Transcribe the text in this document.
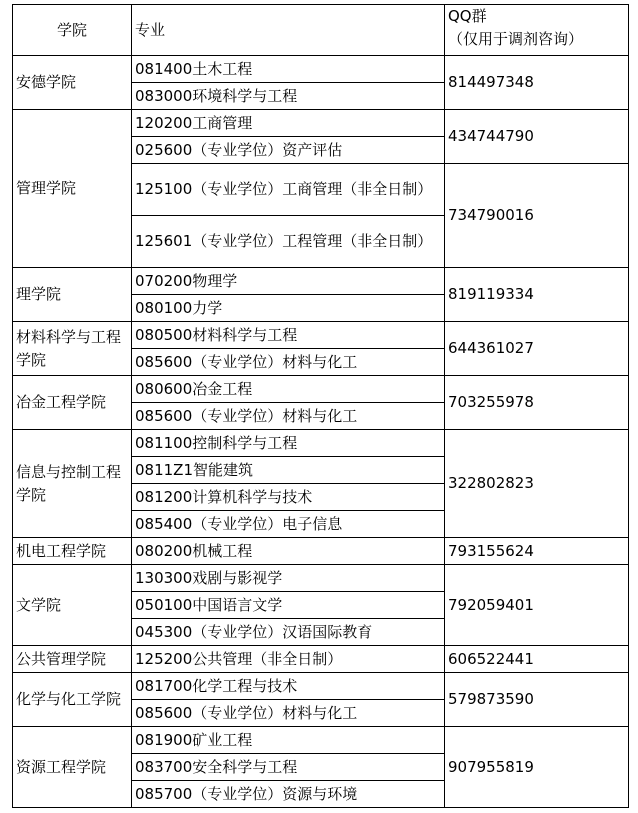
学院	专业	QQ群
（仅用于调剂咨询）

安德学院	081400土木工程	814497348
	083000环境科学与工程	
管理学院	120200工商管理	434744790
	025600（专业学位）资产评估	
	125100（专业学位）工商管理（非全日制）	734790016
	125601（专业学位）工程管理（非全日制）	
理学院	070200物理学	819119334
	080100力学	
材料科学与工程学院	080500材料科学与工程	644361027
	085600（专业学位）材料与化工	
冶金工程学院	080600冶金工程	703255978
	085600（专业学位）材料与化工	
信息与控制工程学院	081100控制科学与工程	322802823
	0811Z1智能建筑	
	081200计算机科学与技术	
	085400（专业学位）电子信息	
机电工程学院	080200机械工程	793155624
文学院	130300戏剧与影视学	792059401
	050100中国语言文学	
	045300（专业学位）汉语国际教育	
公共管理学院	125200公共管理（非全日制）	606522441
化学与化工学院	081700化学工程与技术	579873590
	085600（专业学位）材料与化工	
资源工程学院	081900矿业工程	907955819
	083700安全科学与工程	
	085700（专业学位）资源与环境	
